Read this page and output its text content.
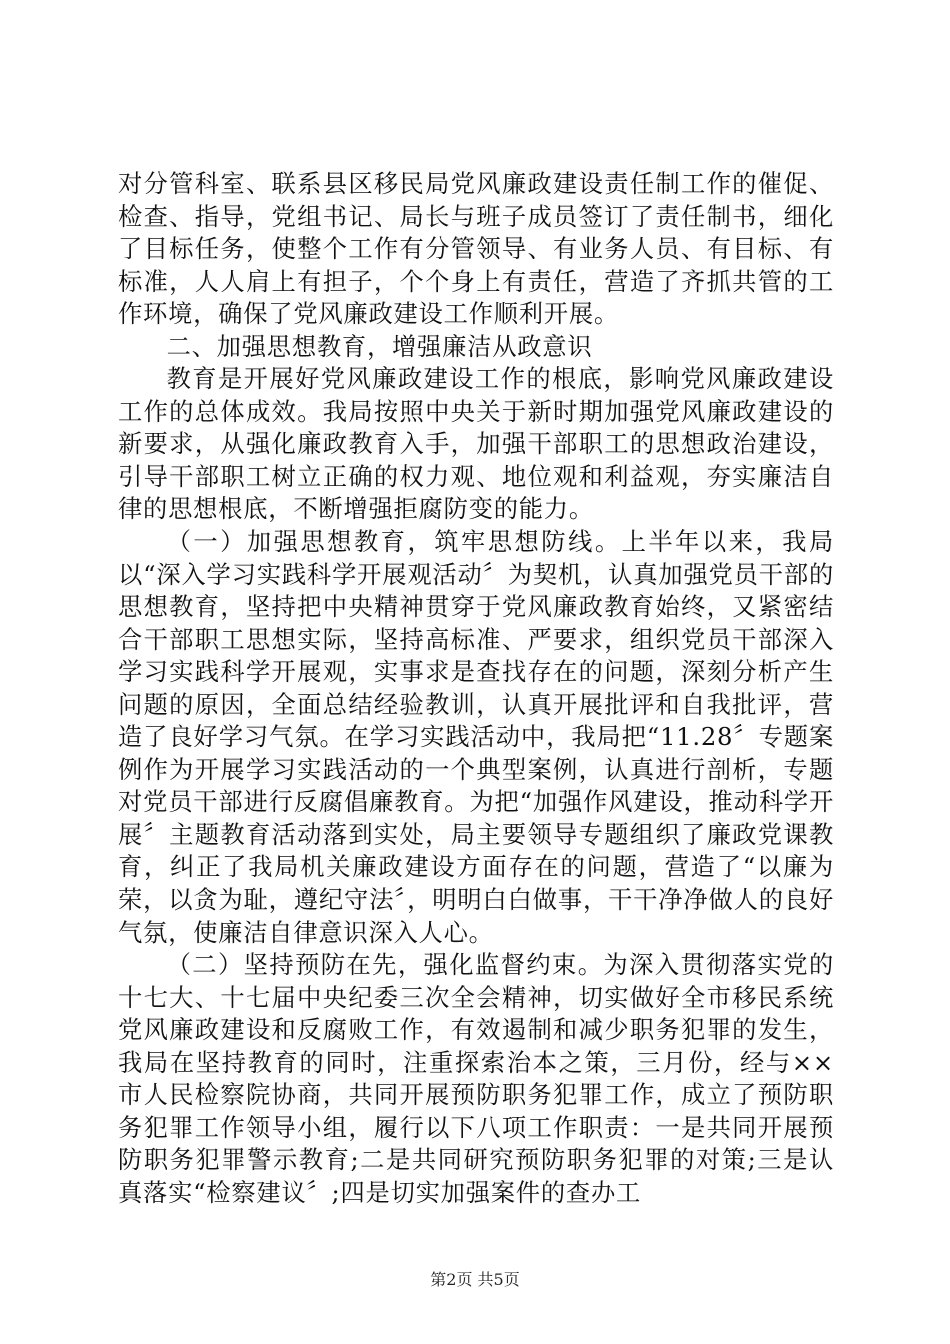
对分管科室、联系县区移民局党风廉政建设责任制工作的催促、检查、指导，党组书记、局长与班子成员签订了责任制书，细化了目标任务，使整个工作有分管领导、有业务人员、有目标、有标准，人人肩上有担子，个个身上有责任，营造了齐抓共管的工作环境，确保了党风廉政建设工作顺利开展。

二、加强思想教育，增强廉洁从政意识

教育是开展好党风廉政建设工作的根底，影响党风廉政建设工作的总体成效。我局按照中央关于新时期加强党风廉政建设的新要求，从强化廉政教育入手，加强干部职工的思想政治建设，引导干部职工树立正确的权力观、地位观和利益观，夯实廉洁自律的思想根底，不断增强拒腐防变的能力。

（一）加强思想教育，筑牢思想防线。上半年以来，我局以“深入学习实践科学开展观活动〞为契机，认真加强党员干部的思想教育，坚持把中央精神贯穿于党风廉政教育始终，又紧密结合干部职工思想实际，坚持高标准、严要求，组织党员干部深入学习实践科学开展观，实事求是查找存在的问题，深刻分析产生问题的原因，全面总结经验教训，认真开展批评和自我批评，营造了良好学习气氛。在学习实践活动中，我局把“11.28〞专题案例作为开展学习实践活动的一个典型案例，认真进行剖析，专题对党员干部进行反腐倡廉教育。为把“加强作风建设，推动科学开展〞主题教育活动落到实处，局主要领导专题组织了廉政党课教育，纠正了我局机关廉政建设方面存在的问题，营造了“以廉为荣，以贪为耻，遵纪守法〞，明明白白做事，干干净净做人的良好气氛，使廉洁自律意识深入人心。

（二）坚持预防在先，强化监督约束。为深入贯彻落实党的十七大、十七届中央纪委三次全会精神，切实做好全市移民系统党风廉政建设和反腐败工作，有效遏制和减少职务犯罪的发生，我局在坚持教育的同时，注重探索治本之策，三月份，经与××市人民检察院协商，共同开展预防职务犯罪工作，成立了预防职务犯罪工作领导小组，履行以下八项工作职责：一是共同开展预防职务犯罪警示教育;二是共同研究预防职务犯罪的对策;三是认真落实“检察建议〞;四是切实加强案件的查办工

第2页 共5页
